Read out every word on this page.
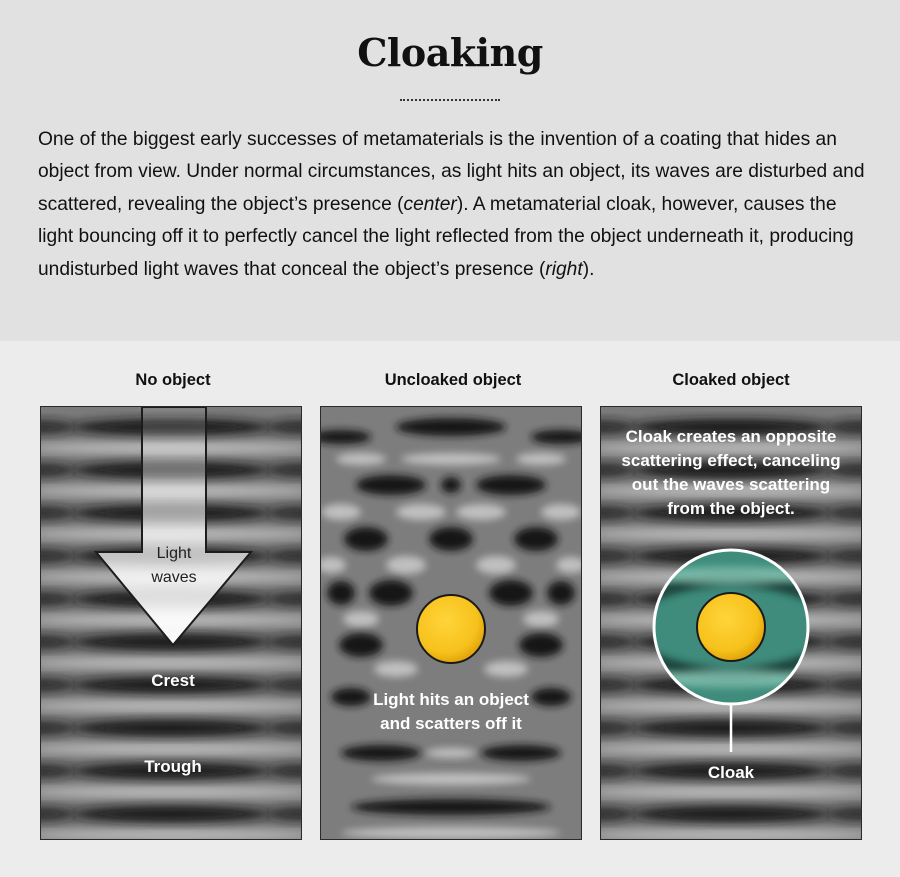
Cloaking
One of the biggest early successes of metamaterials is the invention of a coating that hides an object from view. Under normal circumstances, as light hits an object, its waves are disturbed and scattered, revealing the object’s presence (center). A metamaterial cloak, however, causes the light bouncing off it to perfectly cancel the light reflected from the object underneath it, producing undisturbed light waves that conceal the object’s presence (right).
No object	Uncloaked object	Cloaked object
Light
waves
Crest
Trough
Light hits an object
and scatters off it
Cloak creates an opposite
scattering effect, canceling
out the waves scattering
from the object.
Cloak
